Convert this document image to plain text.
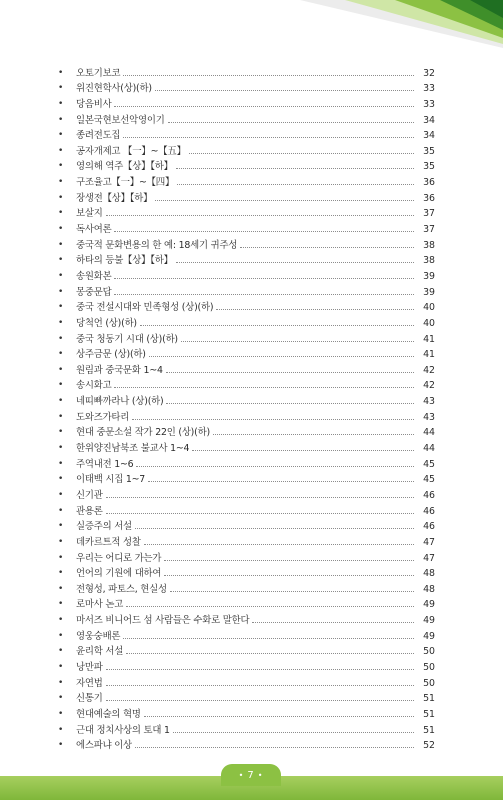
•	오토기보코	32
•	위진현학사(상)(하)	33
•	당음비사	33
•	일본국현보선악영이기	34
•	종려전도집	34
•	공자개제고 【一】~【五】	35
•	영의해 역주【상】【하】	35
•	구조율고【一】~【四】	36
•	장생전【상】【하】	36
•	보살지	37
•	독사여론	37
•	중국적 문화변용의 한 예: 18세기 귀주성	38
•	하타의 등불【상】【하】	38
•	송원화본	39
•	몽중문답	39
•	중국 전설시대와 민족형성 (상)(하)	40
•	당척언 (상)(하)	40
•	중국 청동기 시대 (상)(하)	41
•	상주금문 (상)(하)	41
•	원림과 중국문화 1~4	42
•	송시화고	42
•	네띠빠까라나 (상)(하)	43
•	도와즈가타리	43
•	현대 중문소설 작가 22인 (상)(하)	44
•	한위양진남북조 불교사 1~4	44
•	주역내전 1~6	45
•	이태백 시집 1~7	45
•	신기관	46
•	관용론	46
•	실증주의 서설	46
•	데카르트적 성찰	47
•	우리는 어디로 가는가	47
•	언어의 기원에 대하여	48
•	전형성, 파토스, 현실성	48
•	로마사 논고	49
•	마서즈 비니어드 섬 사람들은 수화로 말한다	49
•	영웅숭배론	49
•	윤리학 서설	50
•	낭만파	50
•	자연법	50
•	신통기	51
•	현대예술의 혁명	51
•	근대 정치사상의 토대 1	51
•	에스파냐 이상	52
• 7 •
